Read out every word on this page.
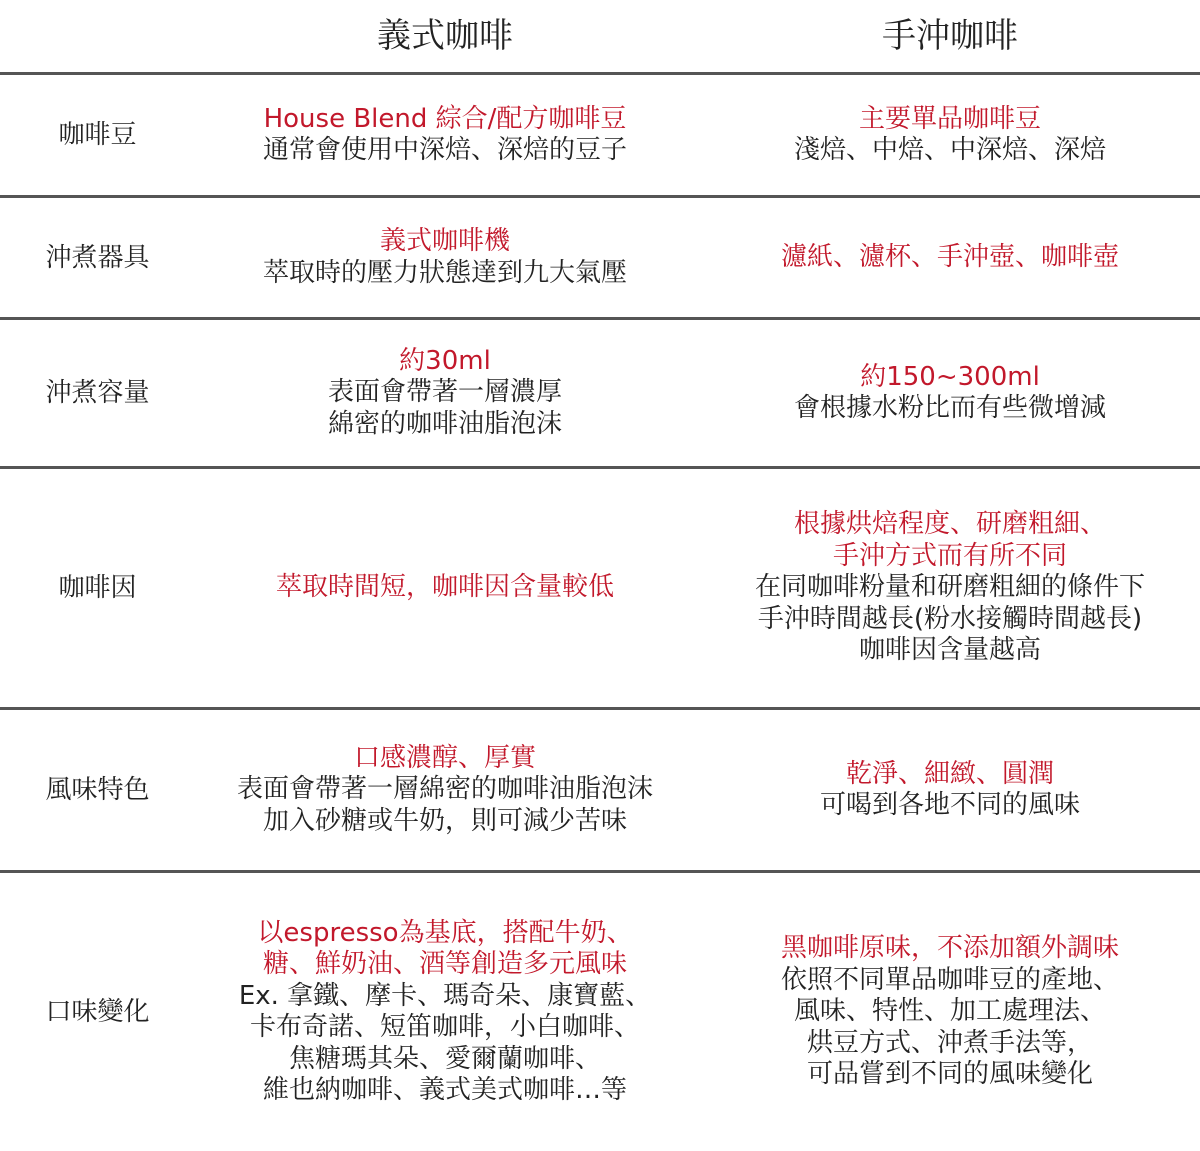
義式咖啡	手沖咖啡
咖啡豆
House Blend 綜合/配方咖啡豆
通常會使用中深焙、深焙的豆子
主要單品咖啡豆
淺焙、中焙、中深焙、深焙
沖煮器具
義式咖啡機
萃取時的壓力狀態達到九大氣壓
濾紙、濾杯、手沖壺、咖啡壺
沖煮容量
約30ml
表面會帶著一層濃厚
綿密的咖啡油脂泡沫
約150~300ml
會根據水粉比而有些微增減
咖啡因	萃取時間短，咖啡因含量較低
根據烘焙程度、研磨粗細、
手沖方式而有所不同
在同咖啡粉量和研磨粗細的條件下
手沖時間越長(粉水接觸時間越長)
咖啡因含量越高
風味特色
口感濃醇、厚實
表面會帶著一層綿密的咖啡油脂泡沫
加入砂糖或牛奶，則可減少苦味
乾淨、細緻、圓潤
可喝到各地不同的風味
口味變化
以espresso為基底，搭配牛奶、
糖、鮮奶油、酒等創造多元風味
Ex. 拿鐵、摩卡、瑪奇朵、康寶藍、
卡布奇諾、短笛咖啡，小白咖啡、
焦糖瑪其朵、愛爾蘭咖啡、
維也納咖啡、義式美式咖啡…等
黑咖啡原味，不添加額外調味
依照不同單品咖啡豆的產地、
風味、特性、加工處理法、
烘豆方式、沖煮手法等，
可品嘗到不同的風味變化
